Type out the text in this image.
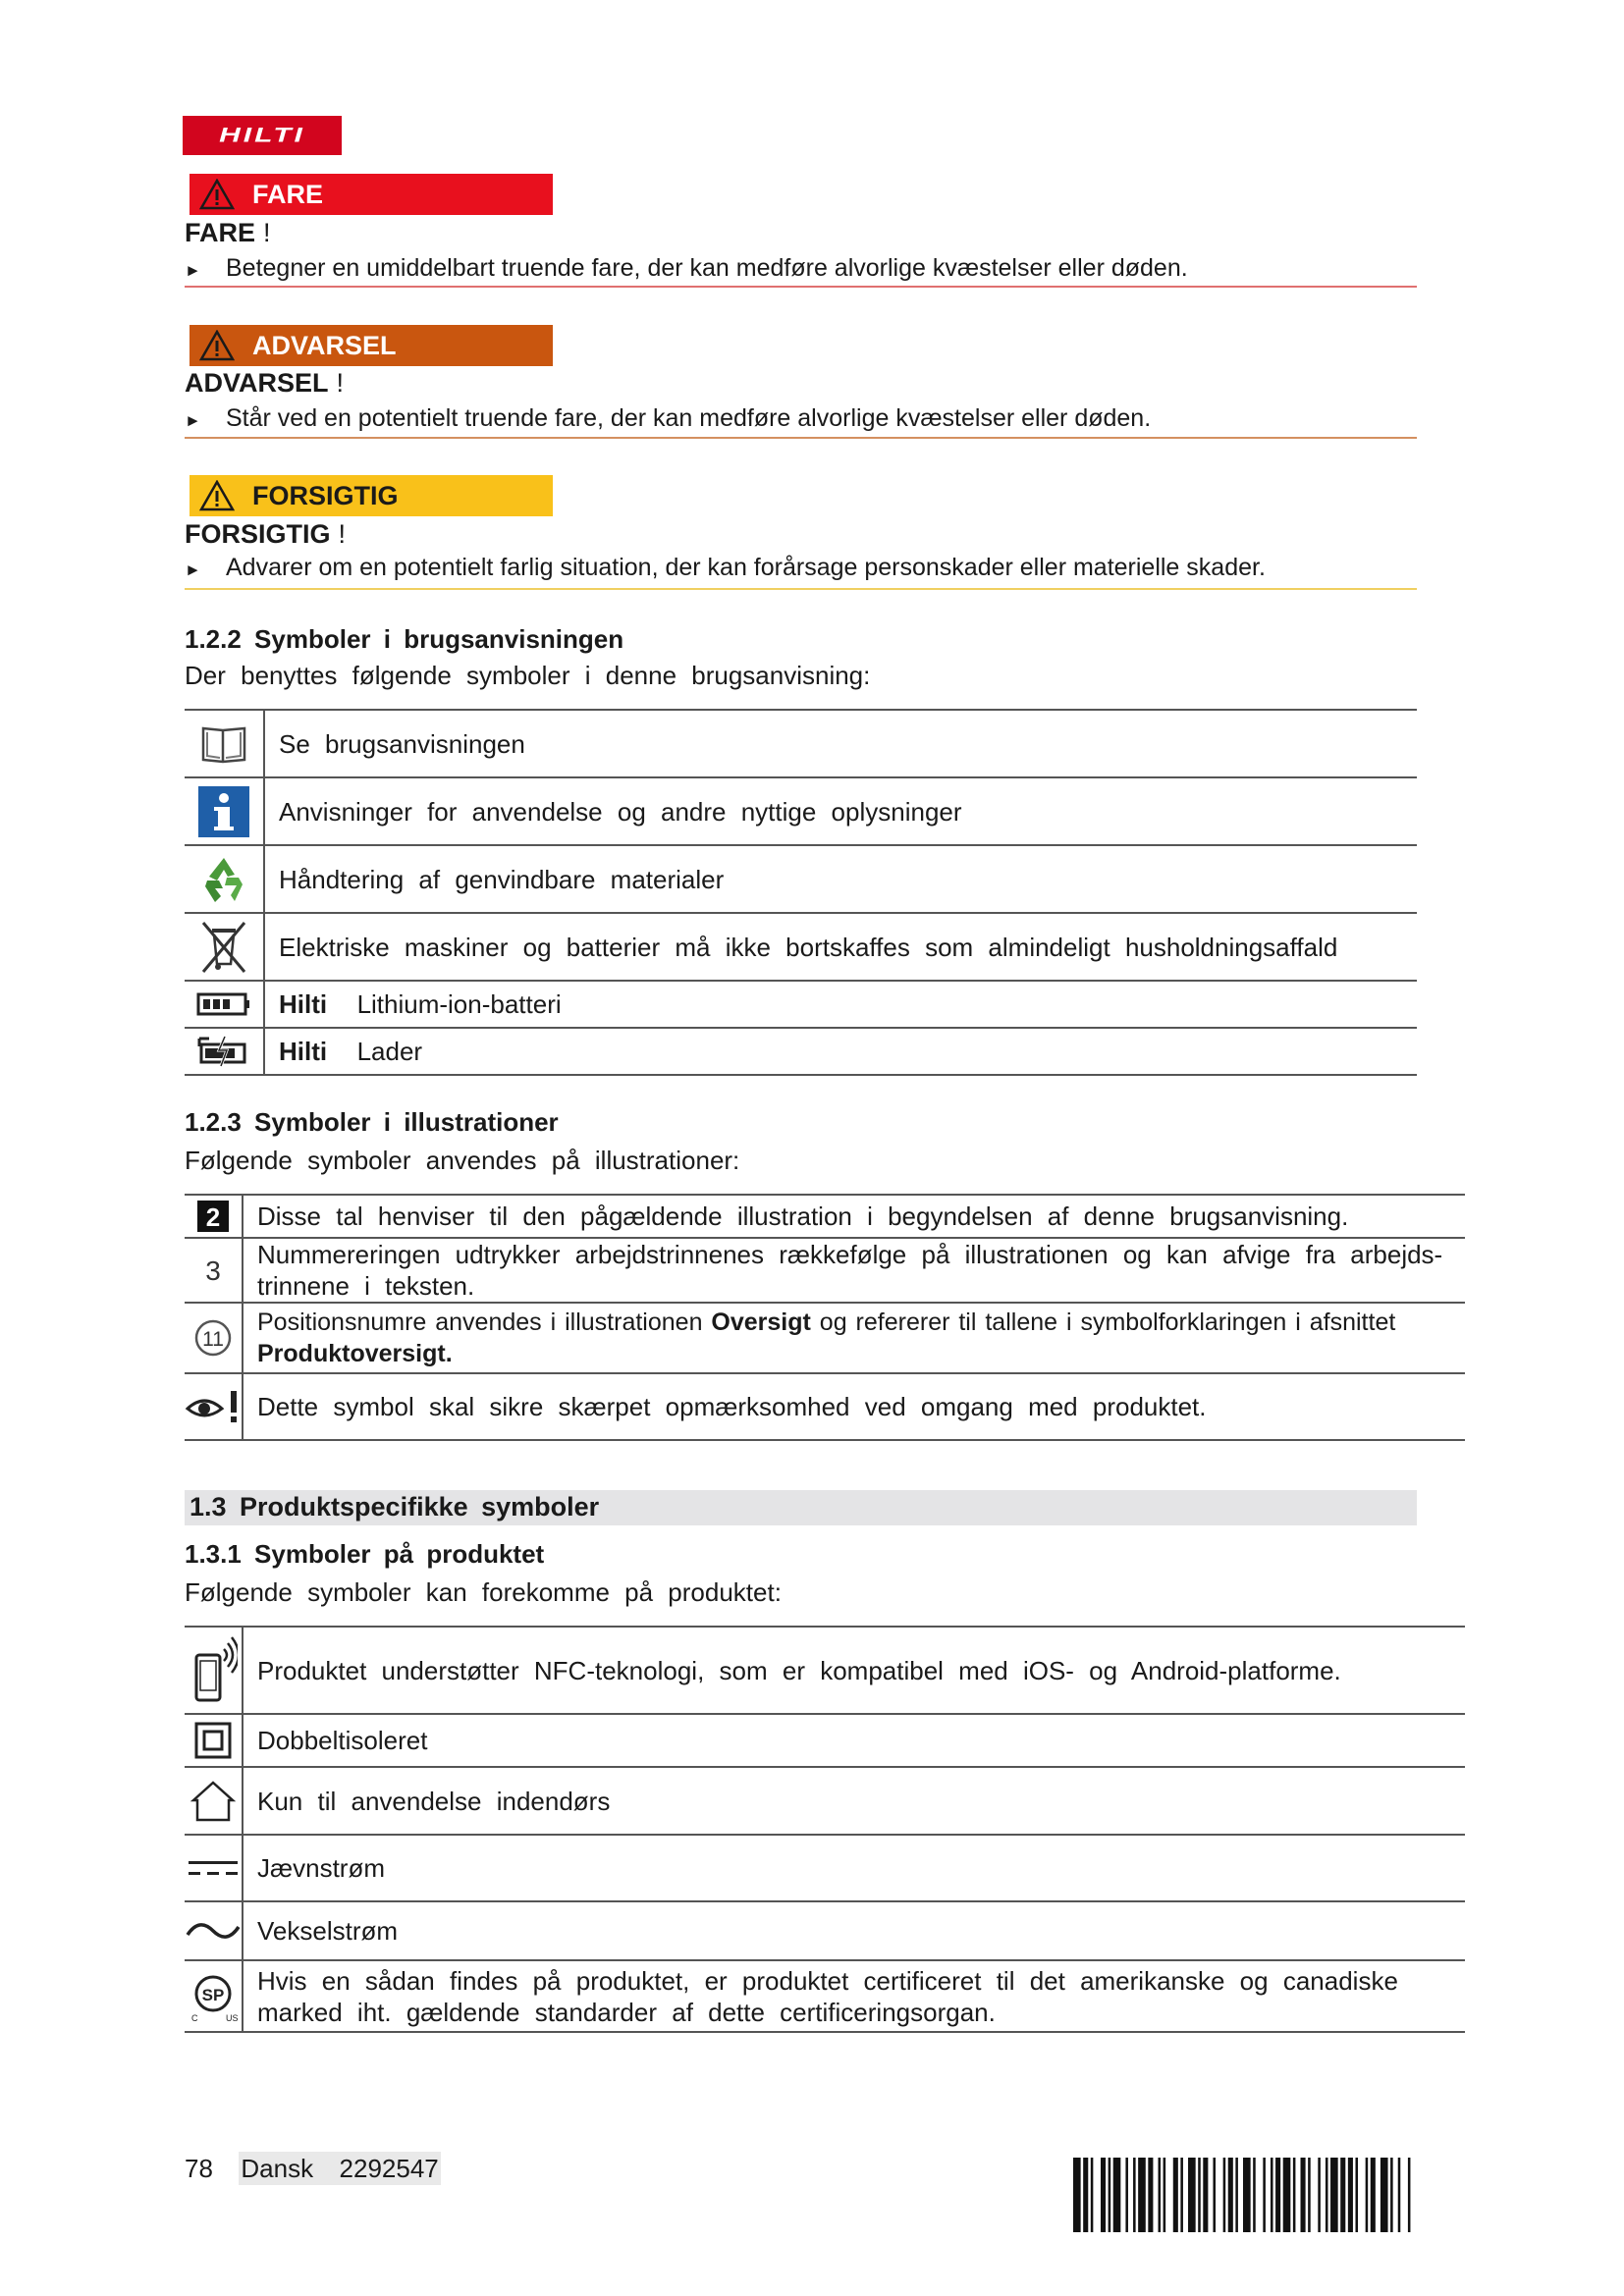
HILTI
FARE
FARE !
► Betegner en umiddelbart truende fare, der kan medføre alvorlige kvæstelser eller døden.
ADVARSEL
ADVARSEL !
► Står ved en potentielt truende fare, der kan medføre alvorlige kvæstelser eller døden.
FORSIGTIG
FORSIGTIG !
► Advarer om en potentielt farlig situation, der kan forårsage personskader eller materielle skader.
1.2.2 Symboler i brugsanvisningen
Der benyttes følgende symboler i denne brugsanvisning:
	Se brugsanvisningen

	Anvisninger for anvendelse og andre nyttige oplysninger

	Håndtering af genvindbare materialer

	Elektriske maskiner og batterier må ikke bortskaffes som almindeligt husholdningsaffald

	Hilti Lithium-ion-batteri

	Hilti Lader
1.2.3 Symboler i illustrationer
Følgende symboler anvendes på illustrationer:
2	Disse tal henviser til den pågældende illustration i begyndelsen af denne brugsanvisning.

3	Nummereringen udtrykker arbejdstrinnenes rækkefølge på illustrationen og kan afvige fra arbejds-trinnene i teksten.

11	Positionsnumre anvendes i illustrationen Oversigt og refererer til tallene i symbolforklaringen i afsnittet Produktoversigt.

	Dette symbol skal sikre skærpet opmærksomhed ved omgang med produktet.
1.3 Produktspecifikke symboler
1.3.1 Symboler på produktet
Følgende symboler kan forekomme på produktet:
	Produktet understøtter NFC-teknologi, som er kompatibel med iOS- og Android-platforme.

	Dobbeltisoleret

	Kun til anvendelse indendørs

	Jævnstrøm

	Vekselstrøm

SP
C US	Hvis en sådan findes på produktet, er produktet certificeret til det amerikanske og canadiske marked iht. gældende standarder af dette certificeringsorgan.
78 Dansk 2292547
